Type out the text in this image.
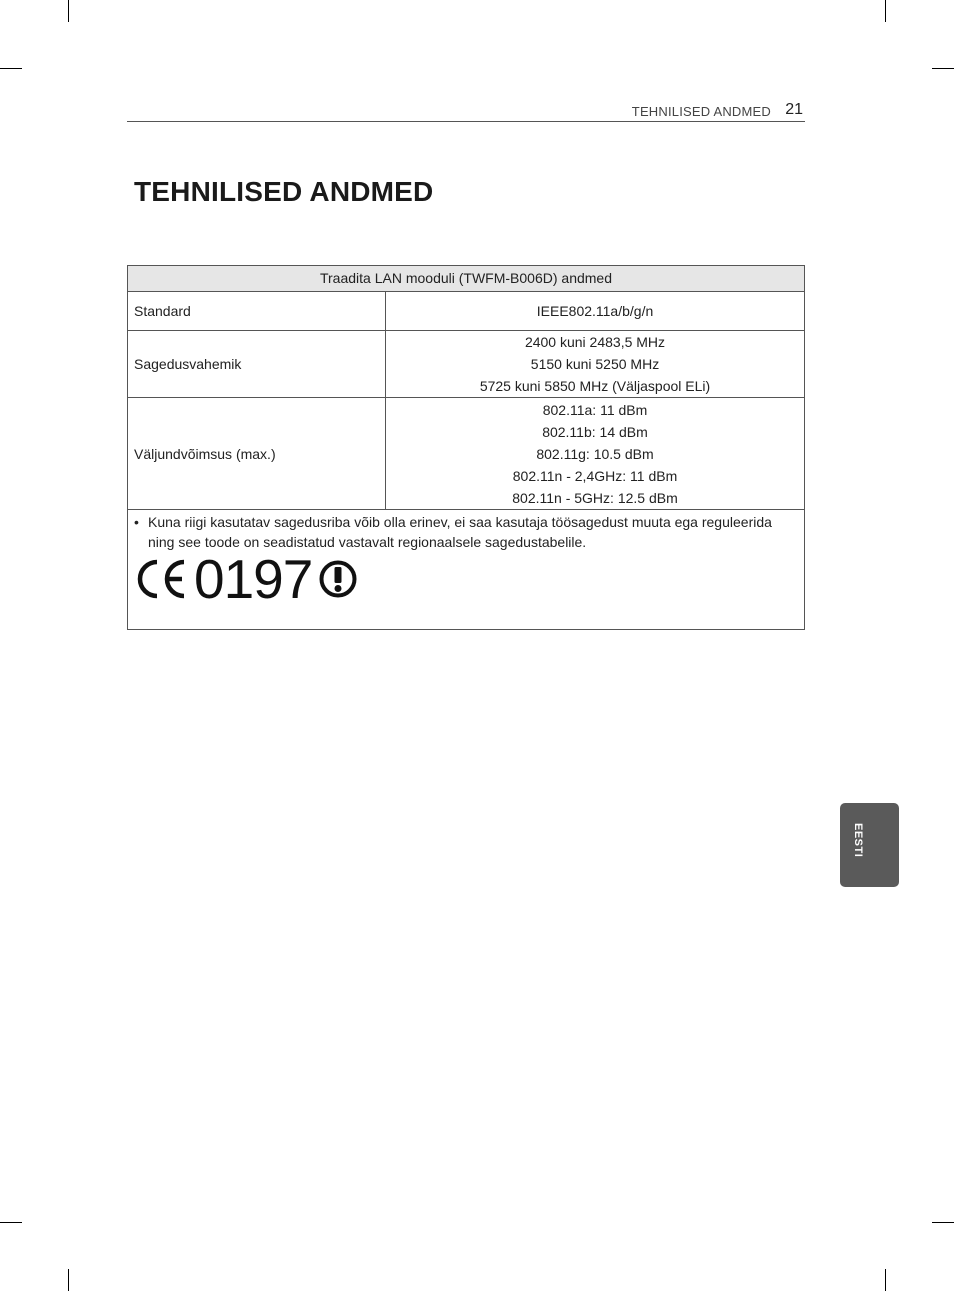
TEHNILISED ANDMED 21
TEHNILISED ANDMED
Traadita LAN mooduli (TWFM-B006D) andmed
Standard	IEEE802.11a/b/g/n
Sagedusvahemik
2400 kuni 2483,5 MHz
5150 kuni 5250 MHz
5725 kuni 5850 MHz (Väljaspool ELi)
Väljundvõimsus (max.)
802.11a: 11 dBm
802.11b: 14 dBm
802.11g: 10.5 dBm
802.11n - 2,4GHz: 11 dBm
802.11n - 5GHz: 12.5 dBm
• Kuna riigi kasutatav sagedusriba võib olla erinev, ei saa kasutaja töösagedust muuta ega reguleerida ning see toode on seadistatud vastavalt regionaalsele sagedustabelile.
0197
EESTI
